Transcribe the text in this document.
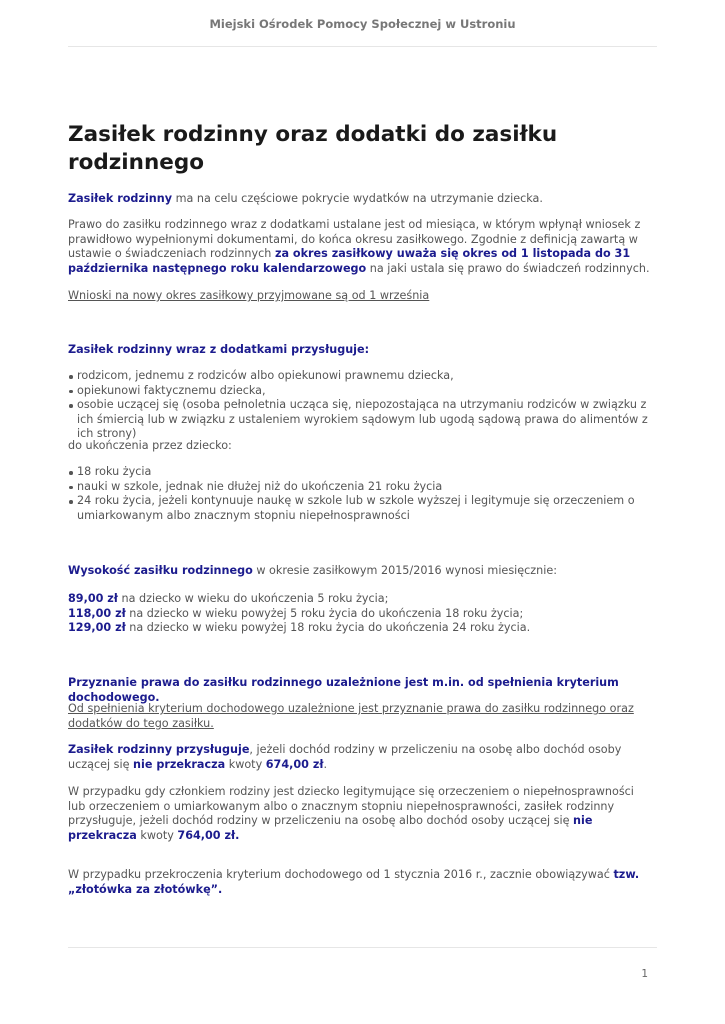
Miejski Ośrodek Pomocy Społecznej w Ustroniu
Zasiłek rodzinny oraz dodatki do zasiłku rodzinnego

Zasiłek rodzinny ma na celu częściowe pokrycie wydatków na utrzymanie dziecka.

Prawo do zasiłku rodzinnego wraz z dodatkami ustalane jest od miesiąca, w którym wpłynął wniosek z prawidłowo wypełnionymi dokumentami, do końca okresu zasiłkowego. Zgodnie z definicją zawartą w ustawie o świadczeniach rodzinnych za okres zasiłkowy uważa się okres od 1 listopada do 31 października następnego roku kalendarzowego na jaki ustala się prawo do świadczeń rodzinnych.

Wnioski na nowy okres zasiłkowy przyjmowane są od 1 września

Zasiłek rodzinny wraz z dodatkami przysługuje:

rodzicom, jednemu z rodziców albo opiekunowi prawnemu dziecka,
opiekunowi faktycznemu dziecka,
osobie uczącej się (osoba pełnoletnia ucząca się, niepozostająca na utrzymaniu rodziców w związku z ich śmiercią lub w związku z ustaleniem wyrokiem sądowym lub ugodą sądową prawa do alimentów z ich strony)

do ukończenia przez dziecko:

18 roku życia
nauki w szkole, jednak nie dłużej niż do ukończenia 21 roku życia
24 roku życia, jeżeli kontynuuje naukę w szkole lub w szkole wyższej i legitymuje się orzeczeniem o umiarkowanym albo znacznym stopniu niepełnosprawności

Wysokość zasiłku rodzinnego w okresie zasiłkowym 2015/2016 wynosi miesięcznie:

89,00 zł na dziecko w wieku do ukończenia 5 roku życia;
118,00 zł na dziecko w wieku powyżej 5 roku życia do ukończenia 18 roku życia;
129,00 zł na dziecko w wieku powyżej 18 roku życia do ukończenia 24 roku życia.

Przyznanie prawa do zasiłku rodzinnego uzależnione jest m.in. od spełnienia kryterium dochodowego.

Od spełnienia kryterium dochodowego uzależnione jest przyznanie prawa do zasiłku rodzinnego oraz dodatków do tego zasiłku.

Zasiłek rodzinny przysługuje, jeżeli dochód rodziny w przeliczeniu na osobę albo dochód osoby uczącej się nie przekracza kwoty 674,00 zł.

W przypadku gdy członkiem rodziny jest dziecko legitymujące się orzeczeniem o niepełnosprawności lub orzeczeniem o umiarkowanym albo o znacznym stopniu niepełnosprawności, zasiłek rodzinny przysługuje, jeżeli dochód rodziny w przeliczeniu na osobę albo dochód osoby uczącej się nie przekracza kwoty 764,00 zł.

W przypadku przekroczenia kryterium dochodowego od 1 stycznia 2016 r., zacznie obowiązywać tzw. „złotówka za złotówkę”.

1
